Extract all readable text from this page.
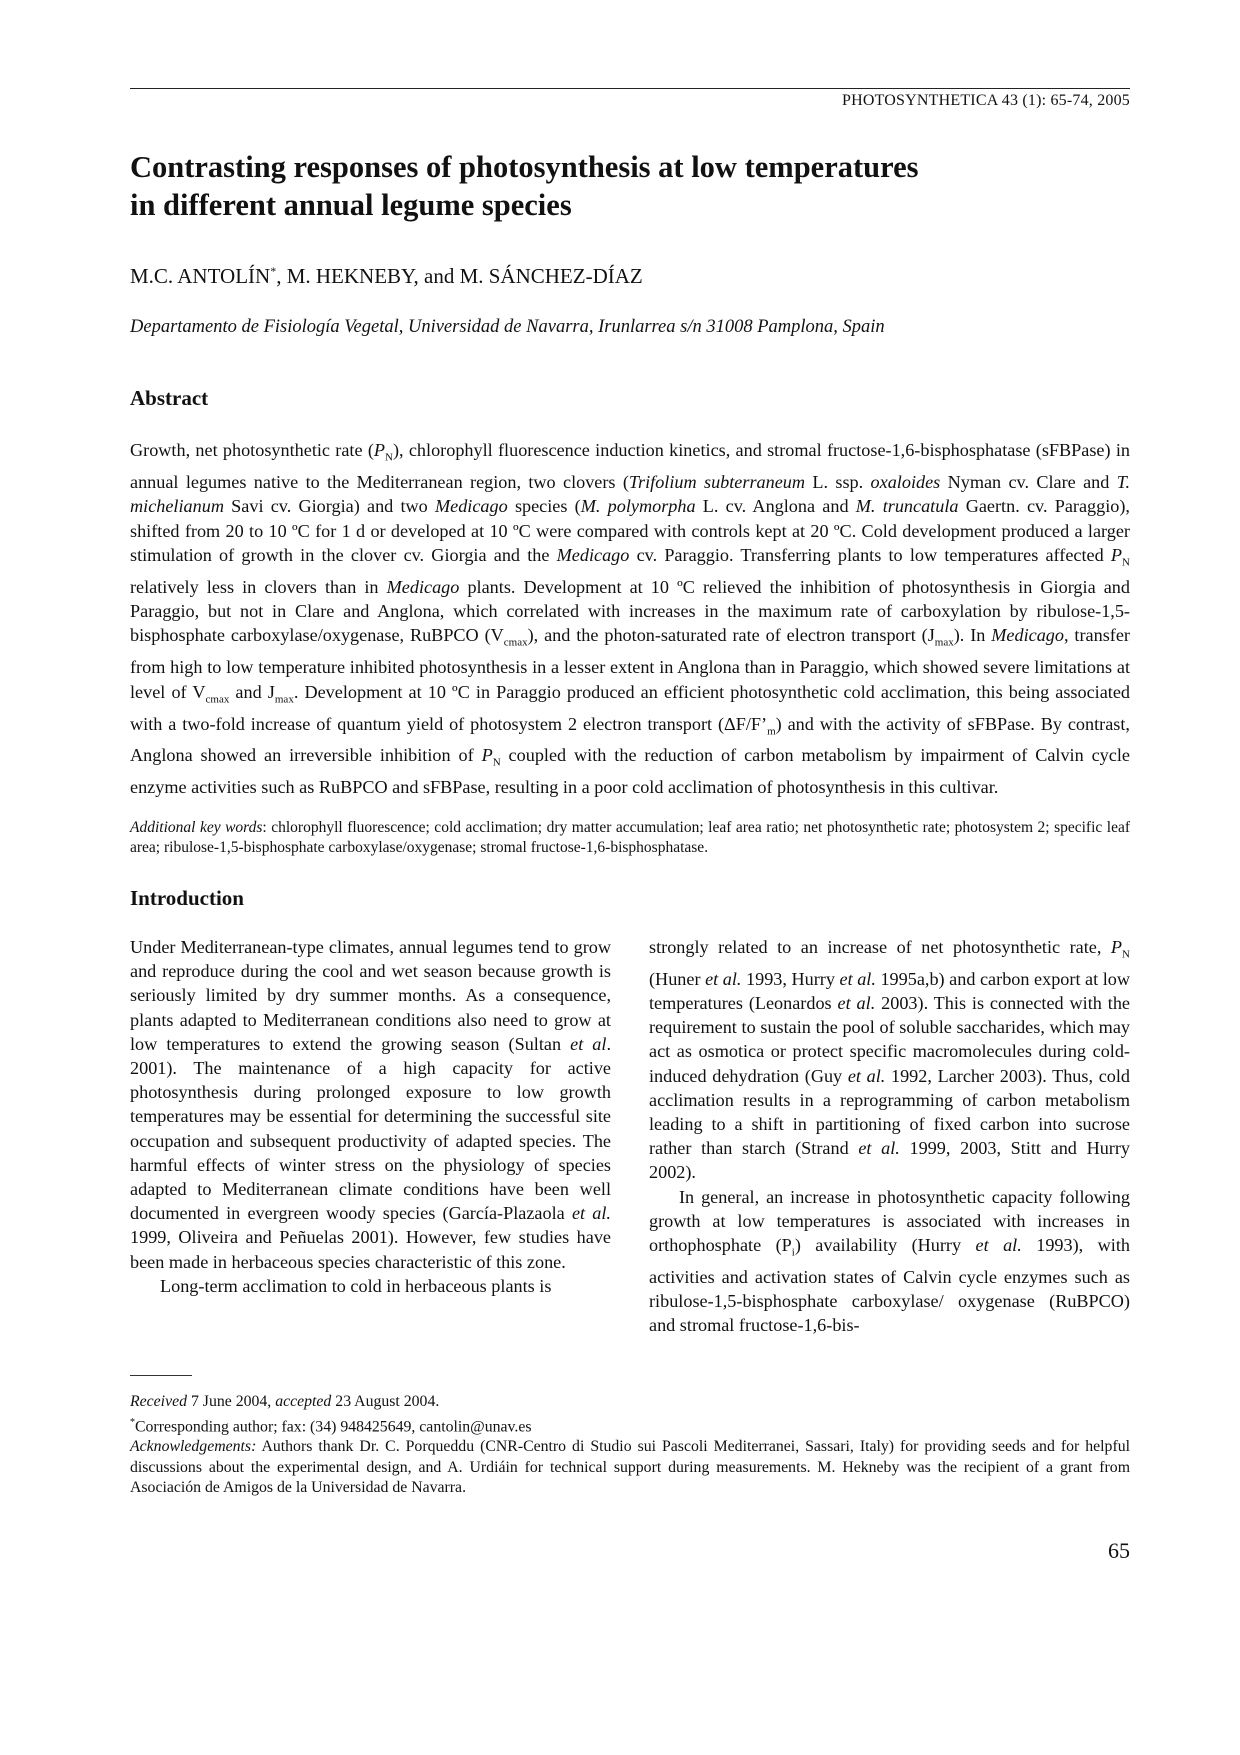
PHOTOSYNTHETICA 43 (1): 65-74, 2005
Contrasting responses of photosynthesis at low temperatures
in different annual legume species
M.C. ANTOLÍN*, M. HEKNEBY, and M. SÁNCHEZ-DÍAZ
Departamento de Fisiología Vegetal, Universidad de Navarra, Irunlarrea s/n 31008 Pamplona, Spain
Abstract

Growth, net photosynthetic rate $(P_N)$, chlorophyll fluorescence induction kinetics, and stromal fructose-1,6-bisphosphatase (sFBPase) in annual legumes native to the Mediterranean region, two clovers (Trifolium subterraneum L. ssp. oxaloides Nyman cv. Clare and T. michelianum Savi cv. Giorgia) and two Medicago species (M. polymorpha L. cv. Anglona and M. truncatula Gaertn. cv. Paraggio), shifted from 20 to 10 ºC for 1 d or developed at 10 ºC were compared with controls kept at 20 ºC. Cold development produced a larger stimulation of growth in the clover cv. Giorgia and the Medicago cv. Paraggio. Transferring plants to low temperatures affected $P_N$ relatively less in clovers than in Medicago plants. Development at 10 ºC relieved the inhibition of photosynthesis in Giorgia and Paraggio, but not in Clare and Anglona, which correlated with increases in the maximum rate of carboxylation by ribulose-1,5-bisphosphate carboxylase/oxygenase, RuBPCO $(V_{cmax})$, and the photon-saturated rate of electron transport $(J_{max})$. In Medicago, transfer from high to low temperature inhibited photosynthesis in a lesser extent in Anglona than in Paraggio, which showed severe limitations at level of $V_{cmax}$ and $J_{max}$. Development at 10 ºC in Paraggio produced an efficient photosynthetic cold acclimation, this being associated with a two-fold increase of quantum yield of photosystem 2 electron transport $(\Delta F/F’_m)$ and with the activity of sFBPase. By contrast, Anglona showed an irreversible inhibition of $P_N$ coupled with the reduction of carbon metabolism by impairment of Calvin cycle enzyme activities such as RuBPCO and sFBPase, resulting in a poor cold acclimation of photosynthesis in this cultivar.

Additional key words: chlorophyll fluorescence; cold acclimation; dry matter accumulation; leaf area ratio; net photosynthetic rate; photosystem 2; specific leaf area; ribulose-1,5-bisphosphate carboxylase/oxygenase; stromal fructose-1,6-bisphosphatase.

Introduction

Under Mediterranean-type climates, annual legumes tend to grow and reproduce during the cool and wet season because growth is seriously limited by dry summer months. As a consequence, plants adapted to Mediterranean conditions also need to grow at low temperatures to extend the growing season (Sultan et al. 2001). The maintenance of a high capacity for active photosynthesis during prolonged exposure to low growth temperatures may be essential for determining the successful site occupation and subsequent productivity of adapted species. The harmful effects of winter stress on the physiology of species adapted to Mediterranean climate conditions have been well documented in evergreen woody species (García-Plazaola et al. 1999, Oliveira and Peñuelas 2001). However, few studies have been made in herbaceous species characteristic of this zone.

Long-term acclimation to cold in herbaceous plants is

strongly related to an increase of net photosynthetic rate, $P_N$ (Huner et al. 1993, Hurry et al. 1995a,b) and carbon export at low temperatures (Leonardos et al. 2003). This is connected with the requirement to sustain the pool of soluble saccharides, which may act as osmotica or protect specific macromolecules during cold-induced dehydration (Guy et al. 1992, Larcher 2003). Thus, cold acclimation results in a reprogramming of carbon metabolism leading to a shift in partitioning of fixed carbon into sucrose rather than starch (Strand et al. 1999, 2003, Stitt and Hurry 2002).

In general, an increase in photosynthetic capacity following growth at low temperatures is associated with increases in orthophosphate $(P_i)$ availability (Hurry et al. 1993), with activities and activation states of Calvin cycle enzymes such as ribulose-1,5-bisphosphate carboxylase/ oxygenase (RuBPCO) and stromal fructose-1,6-bis-

Received 7 June 2004, accepted 23 August 2004.

*Corresponding author; fax: (34) 948425649, cantolin@unav.es

Acknowledgements: Authors thank Dr. C. Porqueddu (CNR-Centro di Studio sui Pascoli Mediterranei, Sassari, Italy) for providing seeds and for helpful discussions about the experimental design, and A. Urdiáin for technical support during measurements. M. Hekneby was the recipient of a grant from Asociación de Amigos de la Universidad de Navarra.

65
